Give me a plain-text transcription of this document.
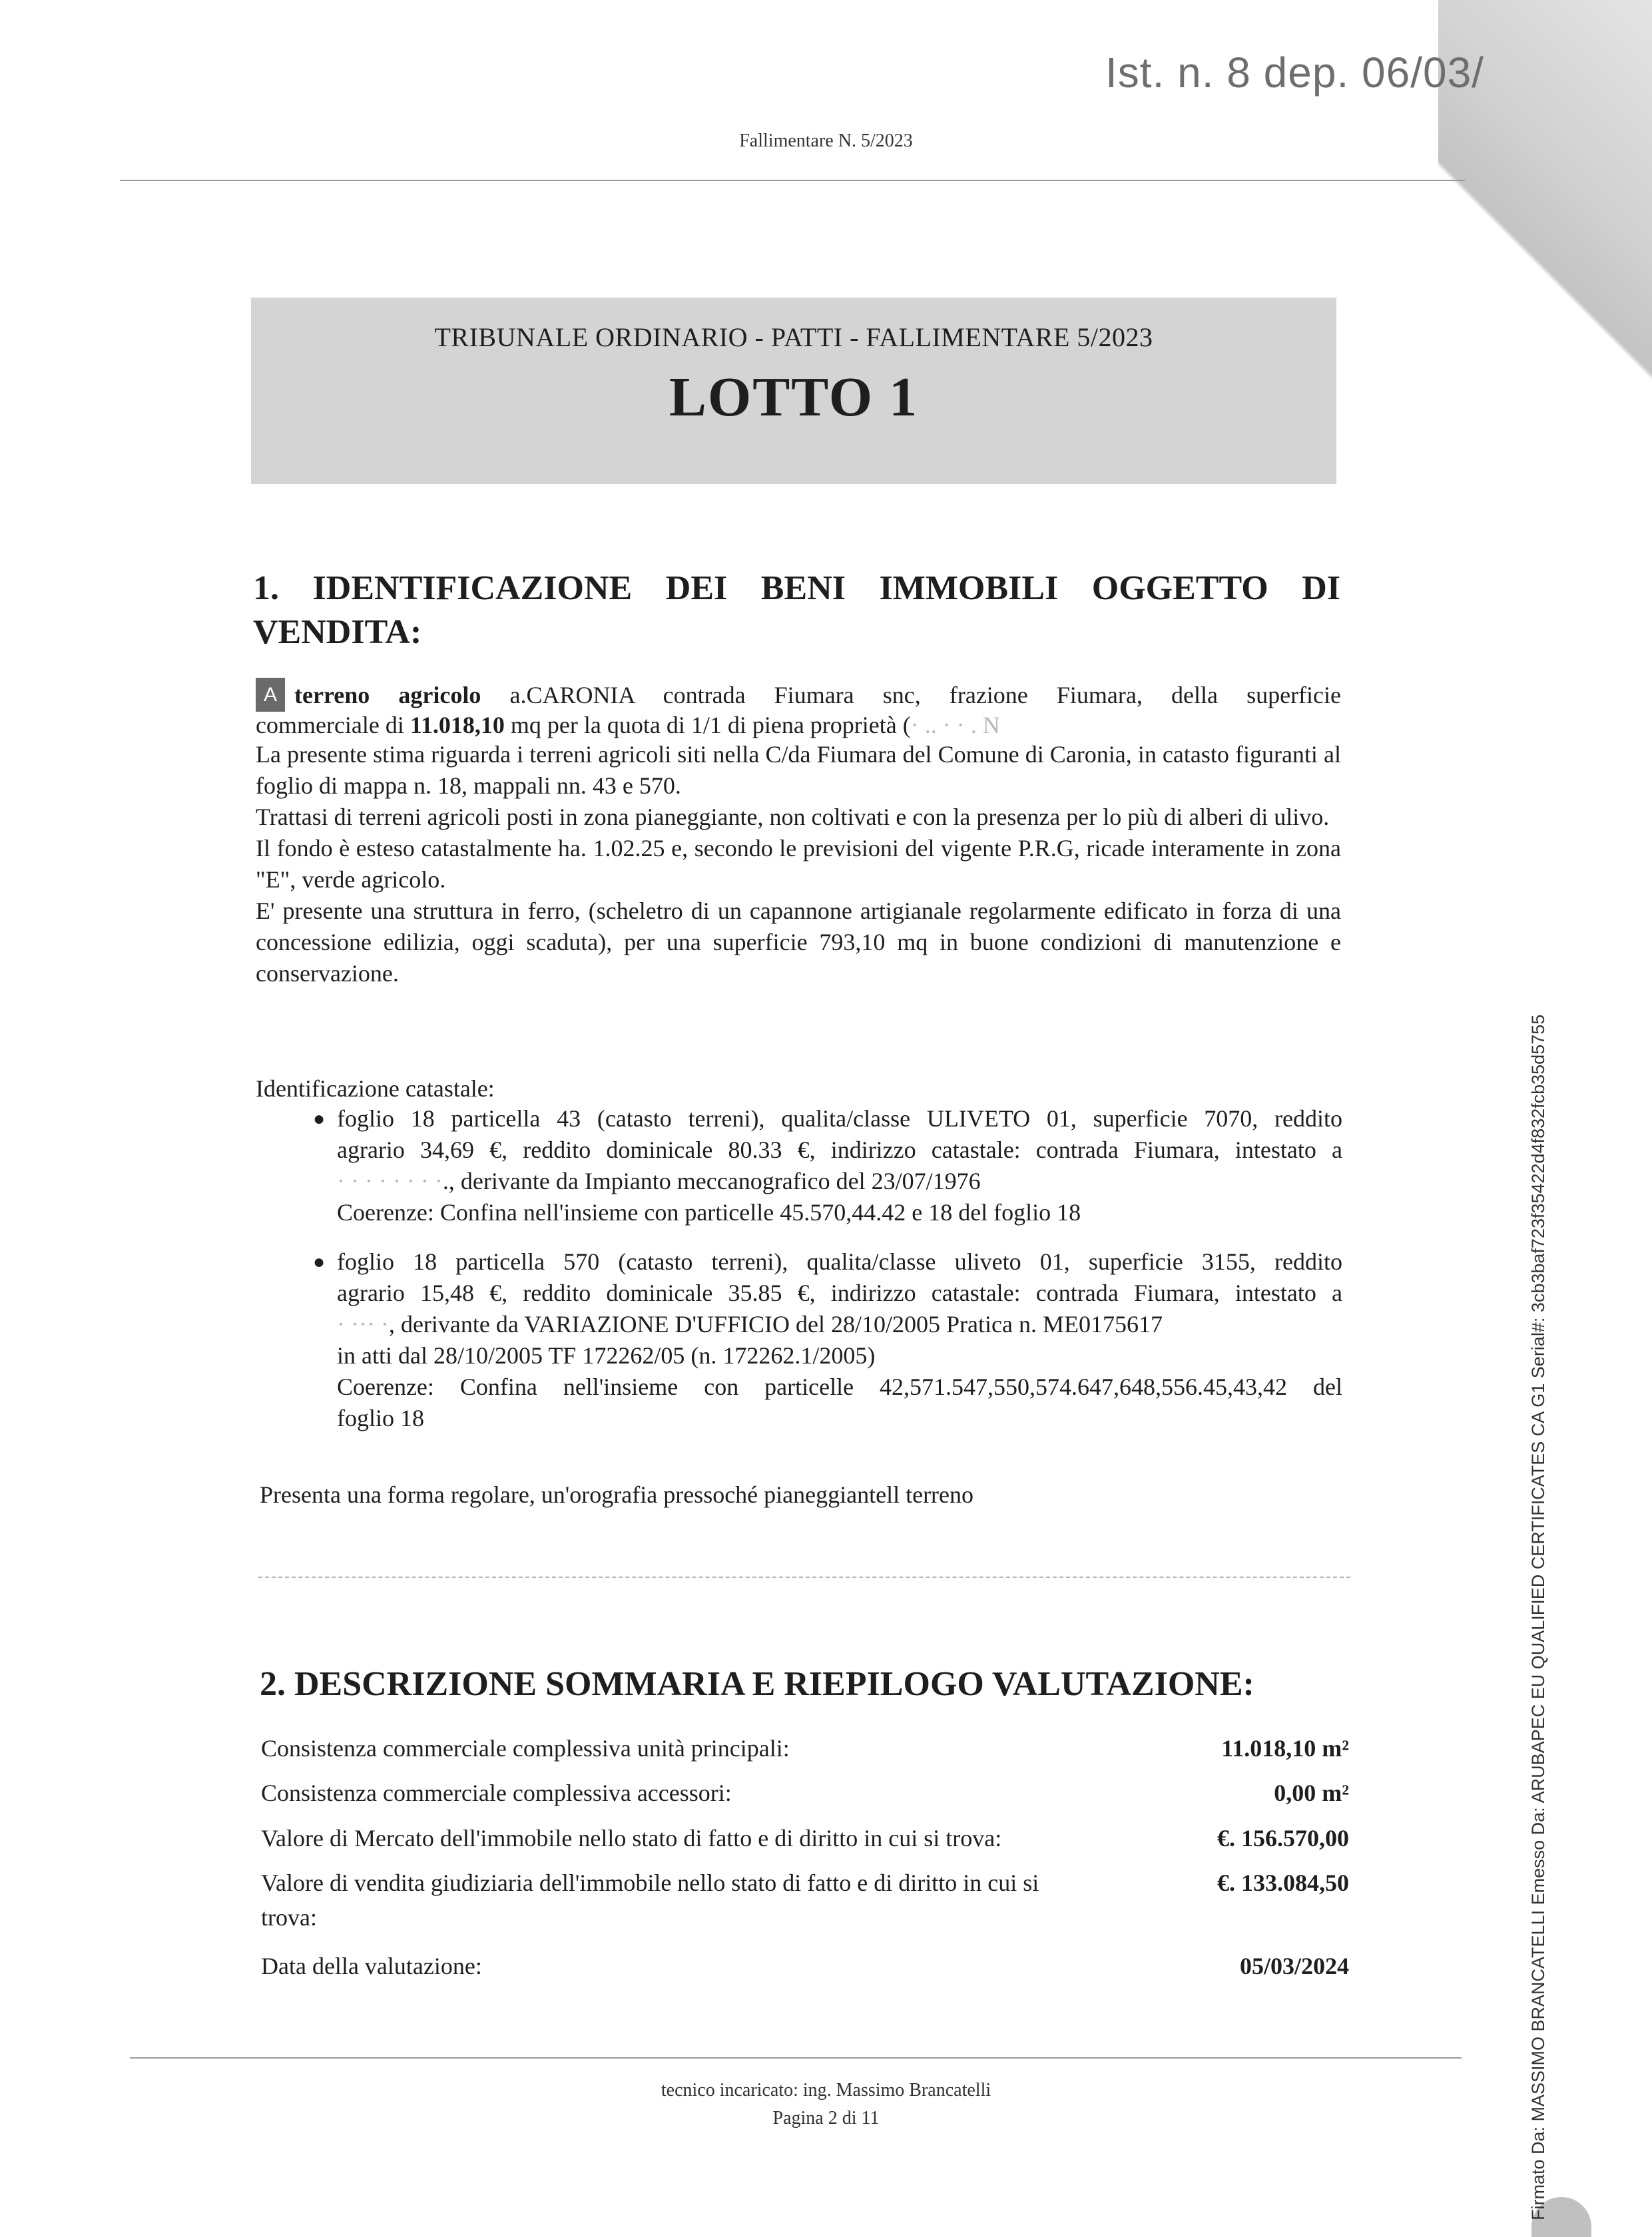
Ist. n. 8 dep. 06/03/
Fallimentare N. 5/2023
TRIBUNALE ORDINARIO - PATTI - FALLIMENTARE 5/2023
LOTTO 1
1. IDENTIFICAZIONE DEI BENI IMMOBILI OGGETTO DI
VENDITA:
A terreno agricolo a.CARONIA contrada Fiumara snc, frazione Fiumara, della superficie
commerciale di 11.018,10 mq per la quota di 1/1 di piena proprietà (· .. · · . N
La presente stima riguarda i terreni agricoli siti nella C/da Fiumara del Comune di Caronia, in catasto figuranti al foglio di mappa n. 18, mappali nn. 43 e 570.
Trattasi di terreni agricoli posti in zona pianeggiante, non coltivati e con la presenza per lo più di alberi di ulivo.
Il fondo è esteso catastalmente ha. 1.02.25 e, secondo le previsioni del vigente P.R.G, ricade interamente in zona "E", verde agricolo.
E' presente una struttura in ferro, (scheletro di un capannone artigianale regolarmente edificato in forza di una concessione edilizia, oggi scaduta), per una superficie 793,10 mq in buone condizioni di manutenzione e conservazione.
Identificazione catastale:
● foglio 18 particella 43 (catasto terreni), qualita/classe ULIVETO 01, superficie 7070, reddito
agrario 34,69 €, reddito dominicale 80.33 €, indirizzo catastale: contrada Fiumara, intestato a
· · · · · · · ·., derivante da Impianto meccanografico del 23/07/1976
Coerenze: Confina nell'insieme con particelle 45.570,44.42 e 18 del foglio 18
● foglio 18 particella 570 (catasto terreni), qualita/classe uliveto 01, superficie 3155, reddito
agrario 15,48 €, reddito dominicale 35.85 €, indirizzo catastale: contrada Fiumara, intestato a
· ··· ·, derivante da VARIAZIONE D'UFFICIO del 28/10/2005 Pratica n. ME0175617
in atti dal 28/10/2005 TF 172262/05 (n. 172262.1/2005)
Coerenze: Confina nell'insieme con particelle 42,571.547,550,574.647,648,556.45,43,42 del
foglio 18
Presenta una forma regolare, un'orografia pressoché pianeggiantell terreno
2. DESCRIZIONE SOMMARIA E RIEPILOGO VALUTAZIONE:
Consistenza commerciale complessiva unità principali:	11.018,10 m²
Consistenza commerciale complessiva accessori:	0,00 m²
Valore di Mercato dell'immobile nello stato di fatto e di diritto in cui si trova:	€. 156.570,00
Valore di vendita giudiziaria dell'immobile nello stato di fatto e di diritto in cui si
trova:
€. 133.084,50
Data della valutazione:	05/03/2024
tecnico incaricato: ing. Massimo Brancatelli
Pagina 2 di 11	Firmato Da: MASSIMO BRANCATELLI Emesso Da: ARUBAPEC EU QUALIFIED CERTIFICATES CA G1 Serial#: 3cb3baf723f35422d4f832fcb35d5755
